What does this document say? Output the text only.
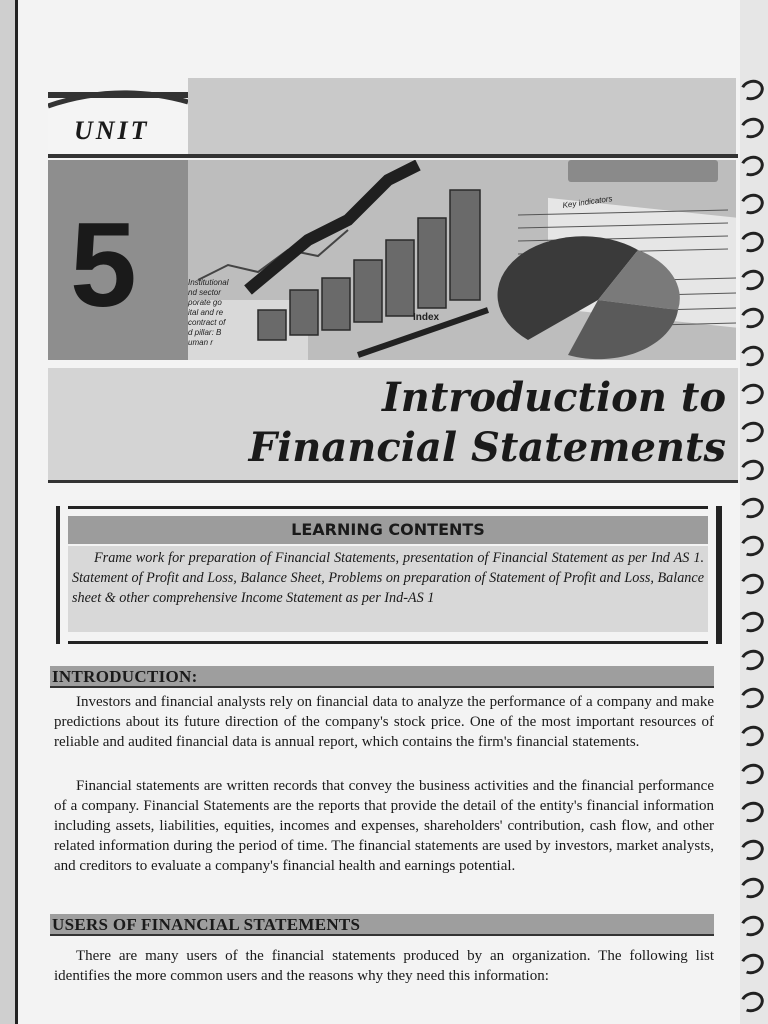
UNIT
5	Index
Key indicators
Institutional
nd sector
porate go
ital and re
contract of
d pillar: B
uman r
Introduction to
Financial Statements
LEARNING CONTENTS
Frame work for preparation of Financial Statements, presentation of Financial Statement as per Ind AS 1. Statement of Profit and Loss, Balance Sheet, Problems on preparation of Statement of Profit and Loss, Balance sheet & other comprehensive Income Statement as per Ind-AS 1
INTRODUCTION:
Investors and financial analysts rely on financial data to analyze the performance of a company and make predictions about its future direction of the company's stock price. One of the most important resources of reliable and audited financial data is annual report, which contains the firm's financial statements.
Financial statements are written records that convey the business activities and the financial performance of a company. Financial Statements are the reports that provide the detail of the entity's financial information including assets, liabilities, equities, incomes and expenses, shareholders' contribution, cash flow, and other related information during the period of time. The financial statements are used by investors, market analysts, and creditors to evaluate a company's financial health and earnings potential.
USERS OF FINANCIAL STATEMENTS
There are many users of the financial statements produced by an organization. The following list identifies the more common users and the reasons why they need this information:
